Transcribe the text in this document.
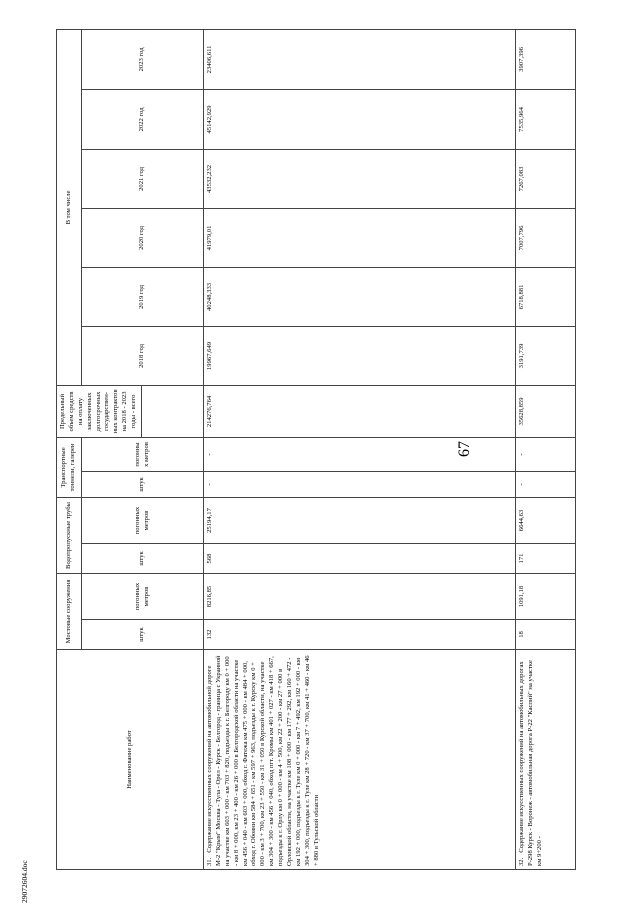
67
Наименование работ	Мостовые сооружения		Водопропускные трубы		Транспортные тоннели, галереи		Предельный объем средств на оплату заключенных долгосрочных государствен-ных контрактов на 2018 - 2023 годы - всего	В том числе					
	штук	погонных метров	штук	погонных метров	штук	погонных метров		2018 год	2019 год	2020 год	2021 год	2022 год	2023 год

31.   Содержание искусственных сооружений на автомобильной дороге М-2 "Крым" Москва - Тула - Орел - Курск - Белгород - граница с Украиной на участке км 603 + 000 - км 703 + 820, подъезды к г. Белгороду км 0 + 000 - км 8 + 000, км 23 + 400 - км 26 + 000 в Белгородской области на участке км 456 + 040 - км 603 + 000, обход г. Фатежа км 475 + 000 - км 484 + 000, обход г. Обояни км 584 + 651 - км 597 + 963, подъезды к г. Курску км 0 + 000 - км 3 + 700, км 23 + 550 - км 31 + 050 в Курской области, на участке км 304 + 300 - км 456 + 040, обход пгт. Кромы км 401 + 027 - км 418 + 667, подъезды к г. Орлу км 0 + 000 - км 4 + 500, км 22 + 200 - км 27 + 000 в Орловской области, на участке км 108 + 000 - км 177 + 292, км 160 + 472 - км 192 + 000, подъезды к г. Туле км 0 + 000 - км 7 + 492, км 192 + 000 - км 304 + 300, подъезды к г. Туле км 28 + 720 - км 37 + 700, км 41 + 460 - км 46 + 880 в Тульской области	132	8216,85	568	25194,17	-	-	214276,764	19967,649	40248,333	41979,01	43532,232	45142,929	23406,611
32.   Содержание искусственных сооружений на автомобильных дорогах Р-298 Курск - Воронеж - автомобильная дорога Р-22 "Каспий" на участке км 9+200 -	18	1091,18	171	6644,63	-	-	35628,859	3191,739	6718,881	7007,796	7267,083	7535,964	3907,396
29072604.doc
